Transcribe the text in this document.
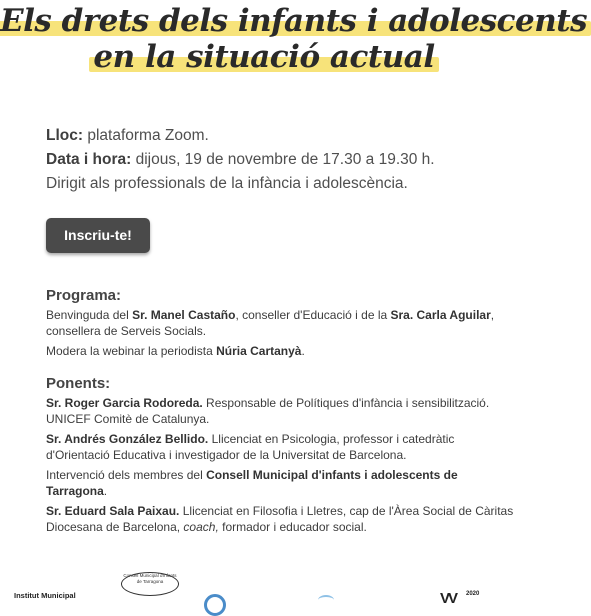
Els drets dels infants i adolescents
en la situació actual
Lloc: plataforma Zoom.
Data i hora: dijous, 19 de novembre de 17.30 a 19.30 h.
Dirigit als professionals de la infància i adolescència.
Inscriu-te!
Programa:

Benvinguda del Sr. Manel Castaño, conseller d'Educació i de la Sra. Carla Aguilar, consellera de Serveis Socials.

Modera la webinar la periodista Núria Cartanyà.

Ponents:

Sr. Roger Garcia Rodoreda. Responsable de Polítiques d'infància i sensibilització. UNICEF Comitè de Catalunya.

Sr. Andrés González Bellido. Llicenciat en Psicologia, professor i catedràtic d'Orientació Educativa i investigador de la Universitat de Barcelona.

Intervenció dels membres del Consell Municipal d'infants i adolescents de Tarragona.

Sr. Eduard Sala Paixau. Llicenciat en Filosofia i Lletres, cap de l'Àrea Social de Càritas Diocesana de Barcelona, coach, formador i educador social.

Institut Municipal
Consell Municipal d'infants de Tarragona
VV 2020
